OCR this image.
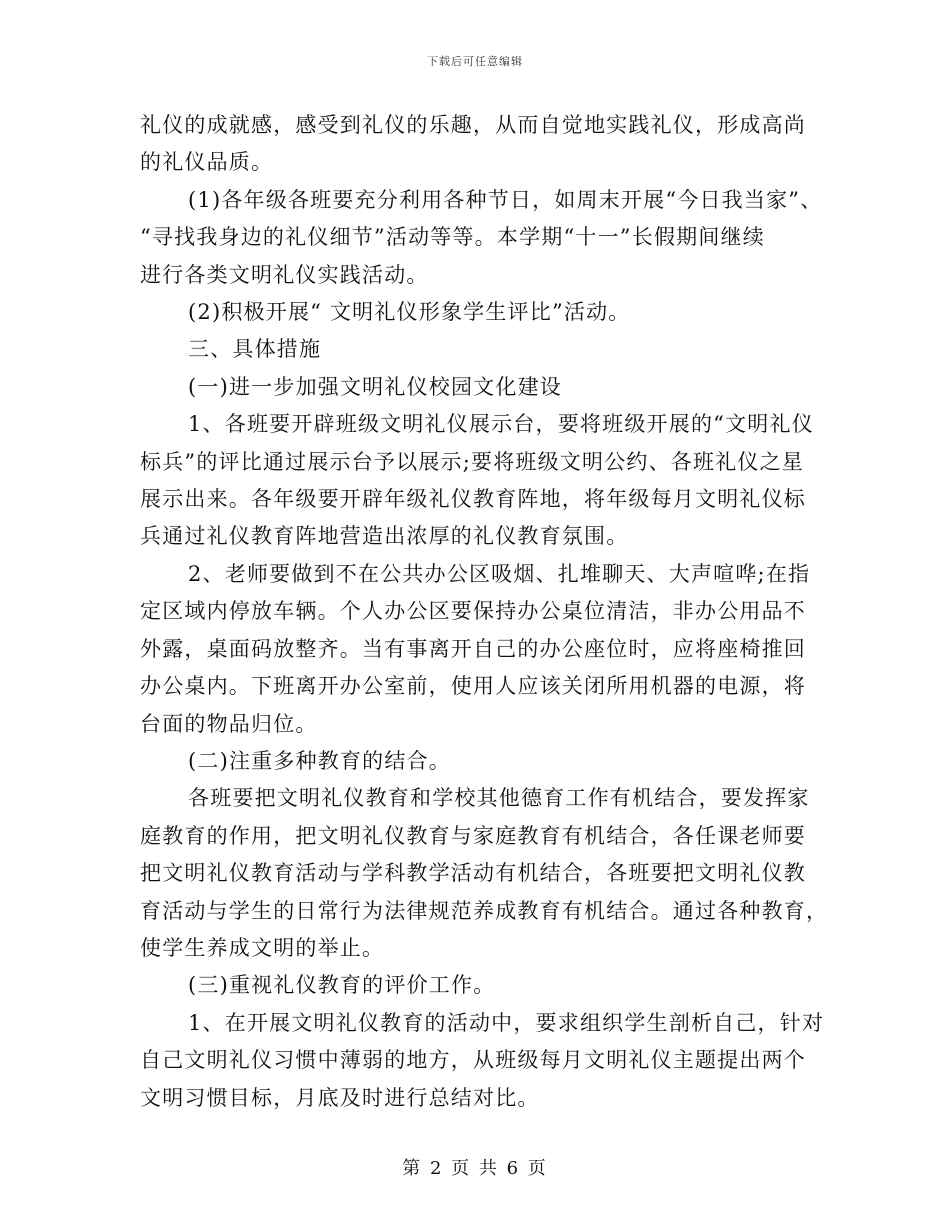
下载后可任意编辑

礼仪的成就感，感受到礼仪的乐趣，从而自觉地实践礼仪，形成高尚
的礼仪品质。

(1)各年级各班要充分利用各种节日，如周末开展“今日我当家”、
“寻找我身边的礼仪细节”活动等等。本学期“十一”长假期间继续
进行各类文明礼仪实践活动。

(2)积极开展“ 文明礼仪形象学生评比”活动。

三、具体措施

(一)进一步加强文明礼仪校园文化建设

1、各班要开辟班级文明礼仪展示台，要将班级开展的“文明礼仪
标兵”的评比通过展示台予以展示;要将班级文明公约、各班礼仪之星
展示出来。各年级要开辟年级礼仪教育阵地，将年级每月文明礼仪标
兵通过礼仪教育阵地营造出浓厚的礼仪教育氛围。

2、老师要做到不在公共办公区吸烟、扎堆聊天、大声喧哗;在指
定区域内停放车辆。个人办公区要保持办公桌位清洁，非办公用品不
外露，桌面码放整齐。当有事离开自己的办公座位时，应将座椅推回
办公桌内。下班离开办公室前，使用人应该关闭所用机器的电源，将
台面的物品归位。

(二)注重多种教育的结合。

各班要把文明礼仪教育和学校其他德育工作有机结合，要发挥家
庭教育的作用，把文明礼仪教育与家庭教育有机结合，各任课老师要
把文明礼仪教育活动与学科教学活动有机结合，各班要把文明礼仪教
育活动与学生的日常行为法律规范养成教育有机结合。通过各种教育，
使学生养成文明的举止。

(三)重视礼仪教育的评价工作。

1、在开展文明礼仪教育的活动中，要求组织学生剖析自己，针对
自己文明礼仪习惯中薄弱的地方，从班级每月文明礼仪主题提出两个
文明习惯目标，月底及时进行总结对比。

第 2 页 共 6 页
